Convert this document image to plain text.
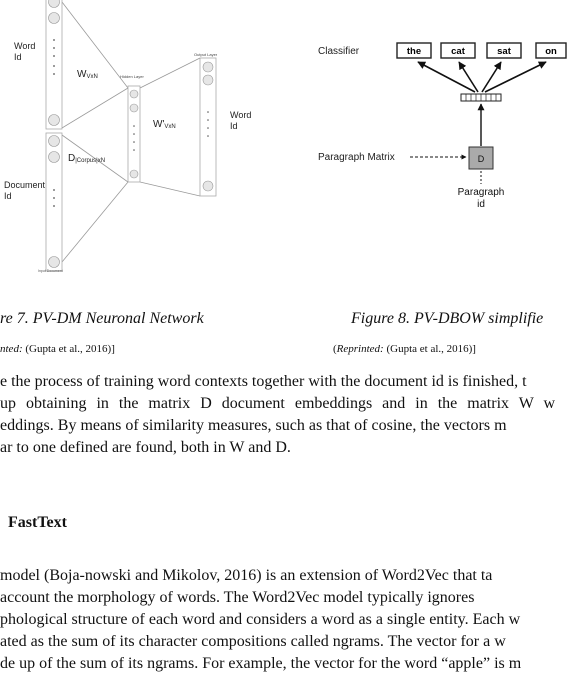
WVxN	Hidden Layer
Output Layer
W'VxN
D|Corpus|xN
Input Document
Word
Id
Word
Id
Document
Id
Classifier	the	cat	sat	on
Paragraph Matrix	D
Paragraph
id
re 7. PV-DM Neuronal Network	Figure 8. PV-DBOW simplifie
nted: (Gupta et al., 2016)]	(Reprinted: (Gupta et al., 2016)]
e the process of training word contexts together with the document id is finished, t
up obtaining in the matrix D document embeddings and in the matrix W w
eddings. By means of similarity measures, such as that of cosine, the vectors m
ar to one defined are found, both in W and D.
FastText
model (Boja-nowski and Mikolov, 2016) is an extension of Word2Vec that ta
account the morphology of words. The Word2Vec model typically ignores
phological structure of each word and considers a word as a single entity. Each w
ated as the sum of its character compositions called ngrams. The vector for a w
de up of the sum of its ngrams. For example, the vector for the word “apple” is m
